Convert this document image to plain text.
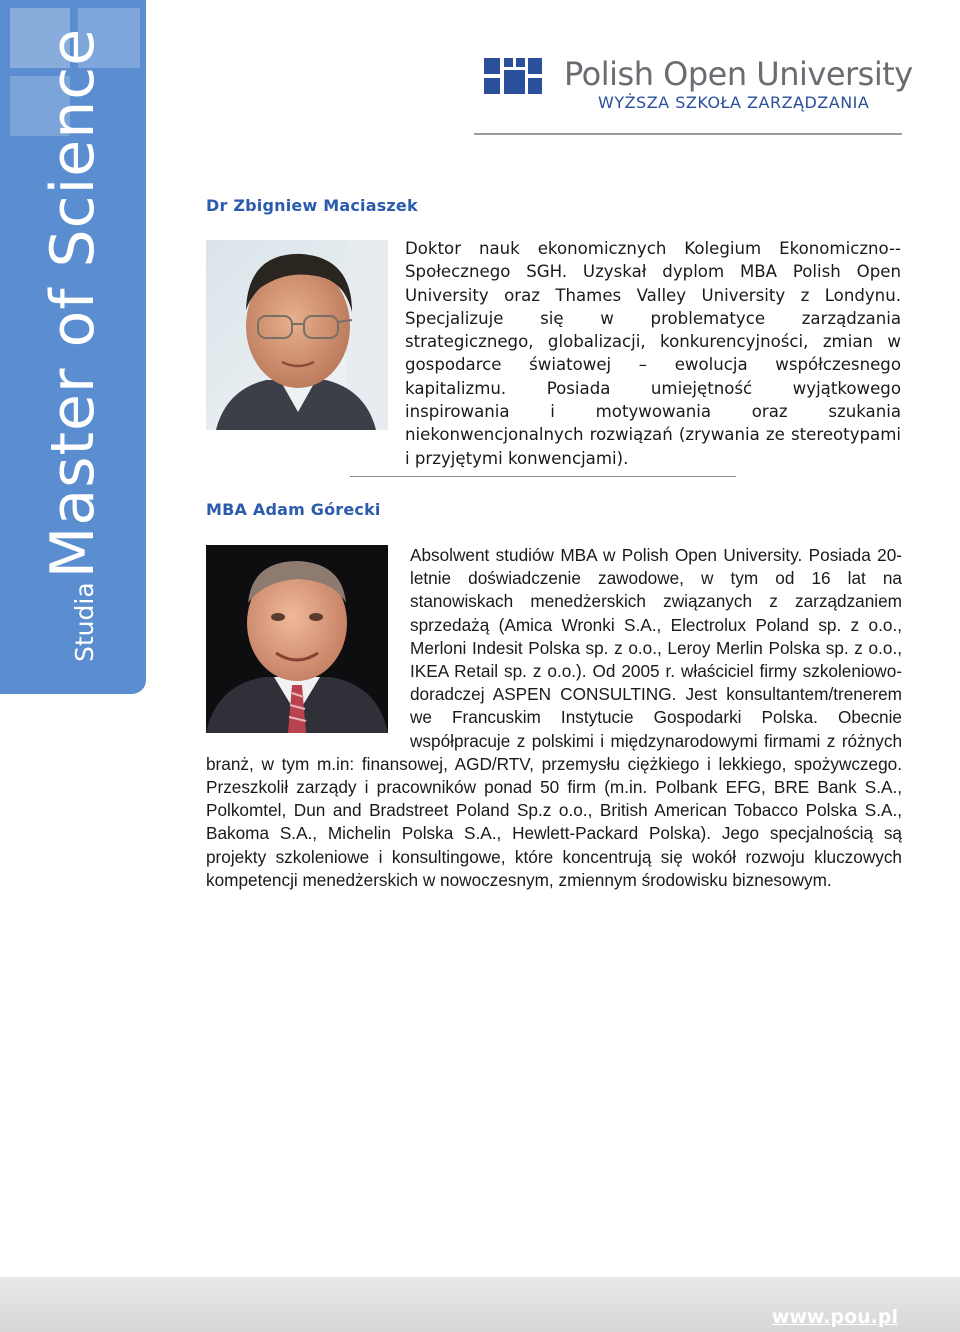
StudiaMaster of Science	Polish Open University
WYŻSZA SZKOŁA ZARZĄDZANIA
Dr Zbigniew Maciaszek
Doktor nauk ekonomicznych Kolegium Ekonomiczno--Społecznego SGH. Uzyskał dyplom MBA Polish Open University oraz Thames Valley University z Londynu. Specjalizuje się w problematyce zarządzania strategicznego, globalizacji, konkurencyjności, zmian w gospodarce światowej – ewolucja współczesnego kapitalizmu. Posiada umiejętność wyjątkowego inspirowania i motywowania oraz szukania niekonwencjonalnych rozwiązań (zrywania ze stereotypami i przyjętymi konwencjami).
MBA Adam Górecki
Absolwent studiów MBA w Polish Open University. Posiada 20-letnie doświadczenie zawodowe, w tym od 16 lat na stanowiskach menedżerskich związanych z zarządzaniem sprzedażą (Amica Wronki S.A., Electrolux Poland sp. z o.o., Merloni Indesit Polska sp. z o.o., Leroy Merlin Polska sp. z o.o., IKEA Retail sp. z o.o.). Od 2005 r. właściciel firmy szkoleniowo-doradczej ASPEN CONSULTING. Jest konsultantem/trenerem we Francuskim Instytucie Gospodarki Polska. Obecnie współpracuje z polskimi i międzynarodowymi firmami z różnych branż, w tym m.in: finansowej, AGD/RTV, przemysłu ciężkiego i lekkiego, spożywczego. Przeszkolił zarządy i pracowników ponad 50 firm (m.in. Polbank EFG, BRE Bank S.A., Polkomtel, Dun and Bradstreet Poland Sp.z o.o., British American Tobacco Polska S.A., Bakoma S.A., Michelin Polska S.A., Hewlett-Packard Polska). Jego specjalnością są projekty szkoleniowe i konsultingowe, które koncentrują się wokół rozwoju kluczowych kompetencji menedżerskich w nowoczesnym, zmiennym środowisku biznesowym.
www.pou.pl
